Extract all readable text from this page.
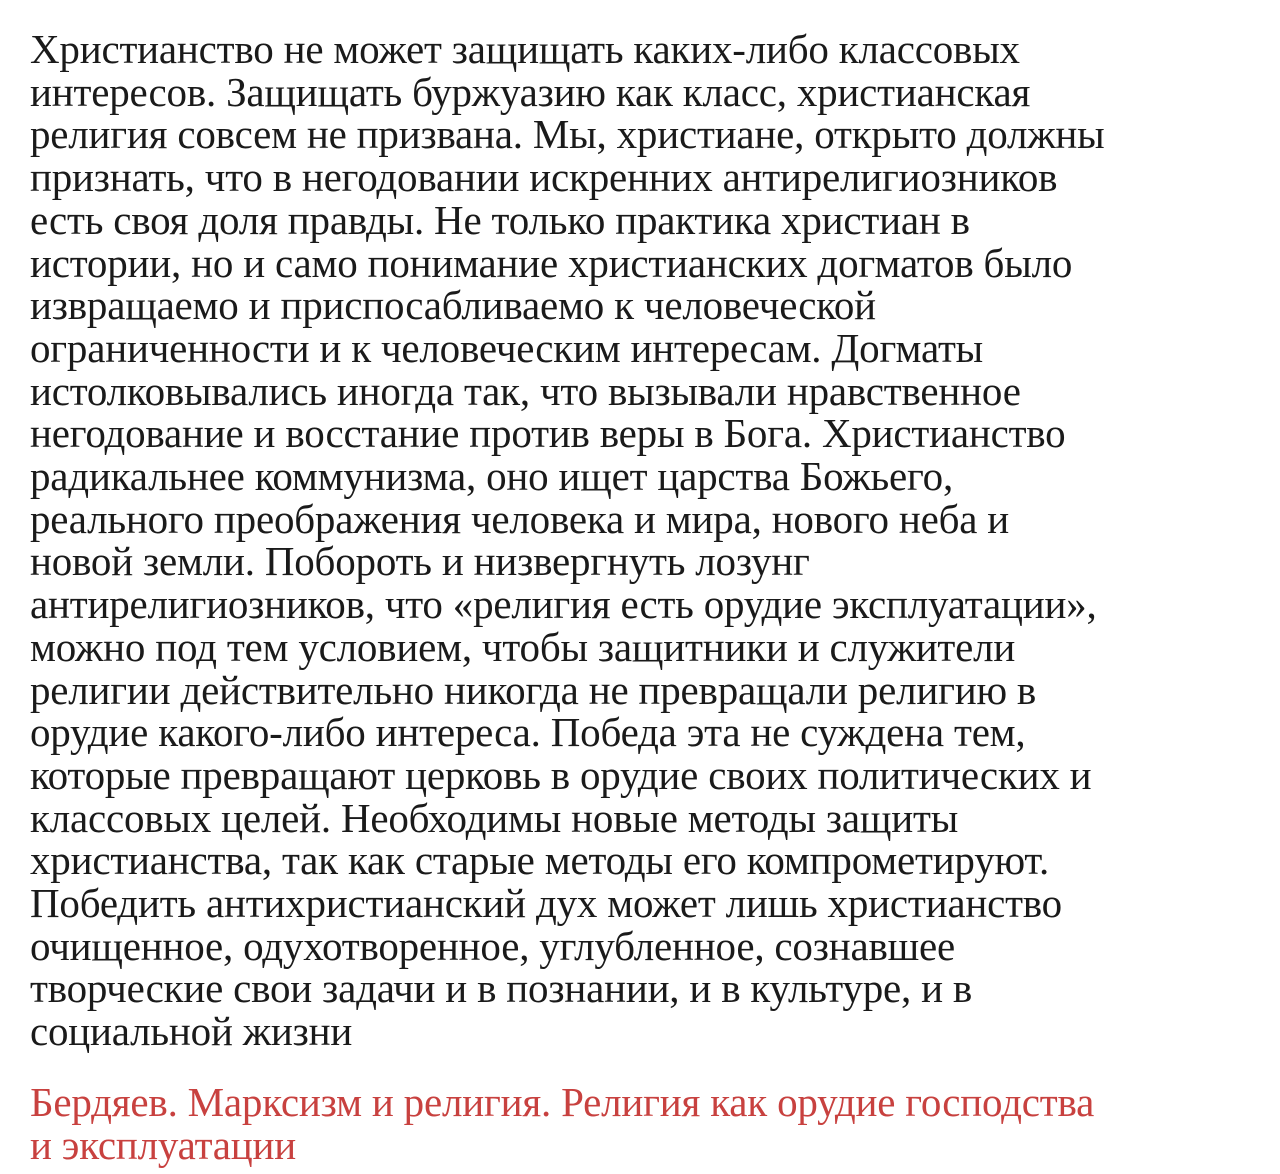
Христианство не может защищать каких-либо классовых
интересов. Защищать буржуазию как класс, христианская
религия совсем не призвана. Мы, христиане, открыто должны
признать, что в негодовании искренних антирелигиозников
есть своя доля правды. Не только практика христиан в
истории, но и само понимание христианских догматов было
извращаемо и приспосабливаемо к человеческой
ограниченности и к человеческим интересам. Догматы
истолковывались иногда так, что вызывали нравственное
негодование и восстание против веры в Бога. Христианство
радикальнее коммунизма, оно ищет царства Божьего,
реального преображения человека и мира, нового неба и
новой земли. Побороть и низвергнуть лозунг
антирелигиозников, что «религия есть орудие эксплуатации»,
можно под тем условием, чтобы защитники и служители
религии действительно никогда не превращали религию в
орудие какого-либо интереса. Победа эта не суждена тем,
которые превращают церковь в орудие своих политических и
классовых целей. Необходимы новые методы защиты
христианства, так как старые методы его компрометируют.
Победить антихристианский дух может лишь христианство
очищенное, одухотворенное, углубленное, сознавшее
творческие свои задачи и в познании, и в культуре, и в
социальной жизни

Бердяев. Марксизм и религия. Религия как орудие господства
и эксплуатации
